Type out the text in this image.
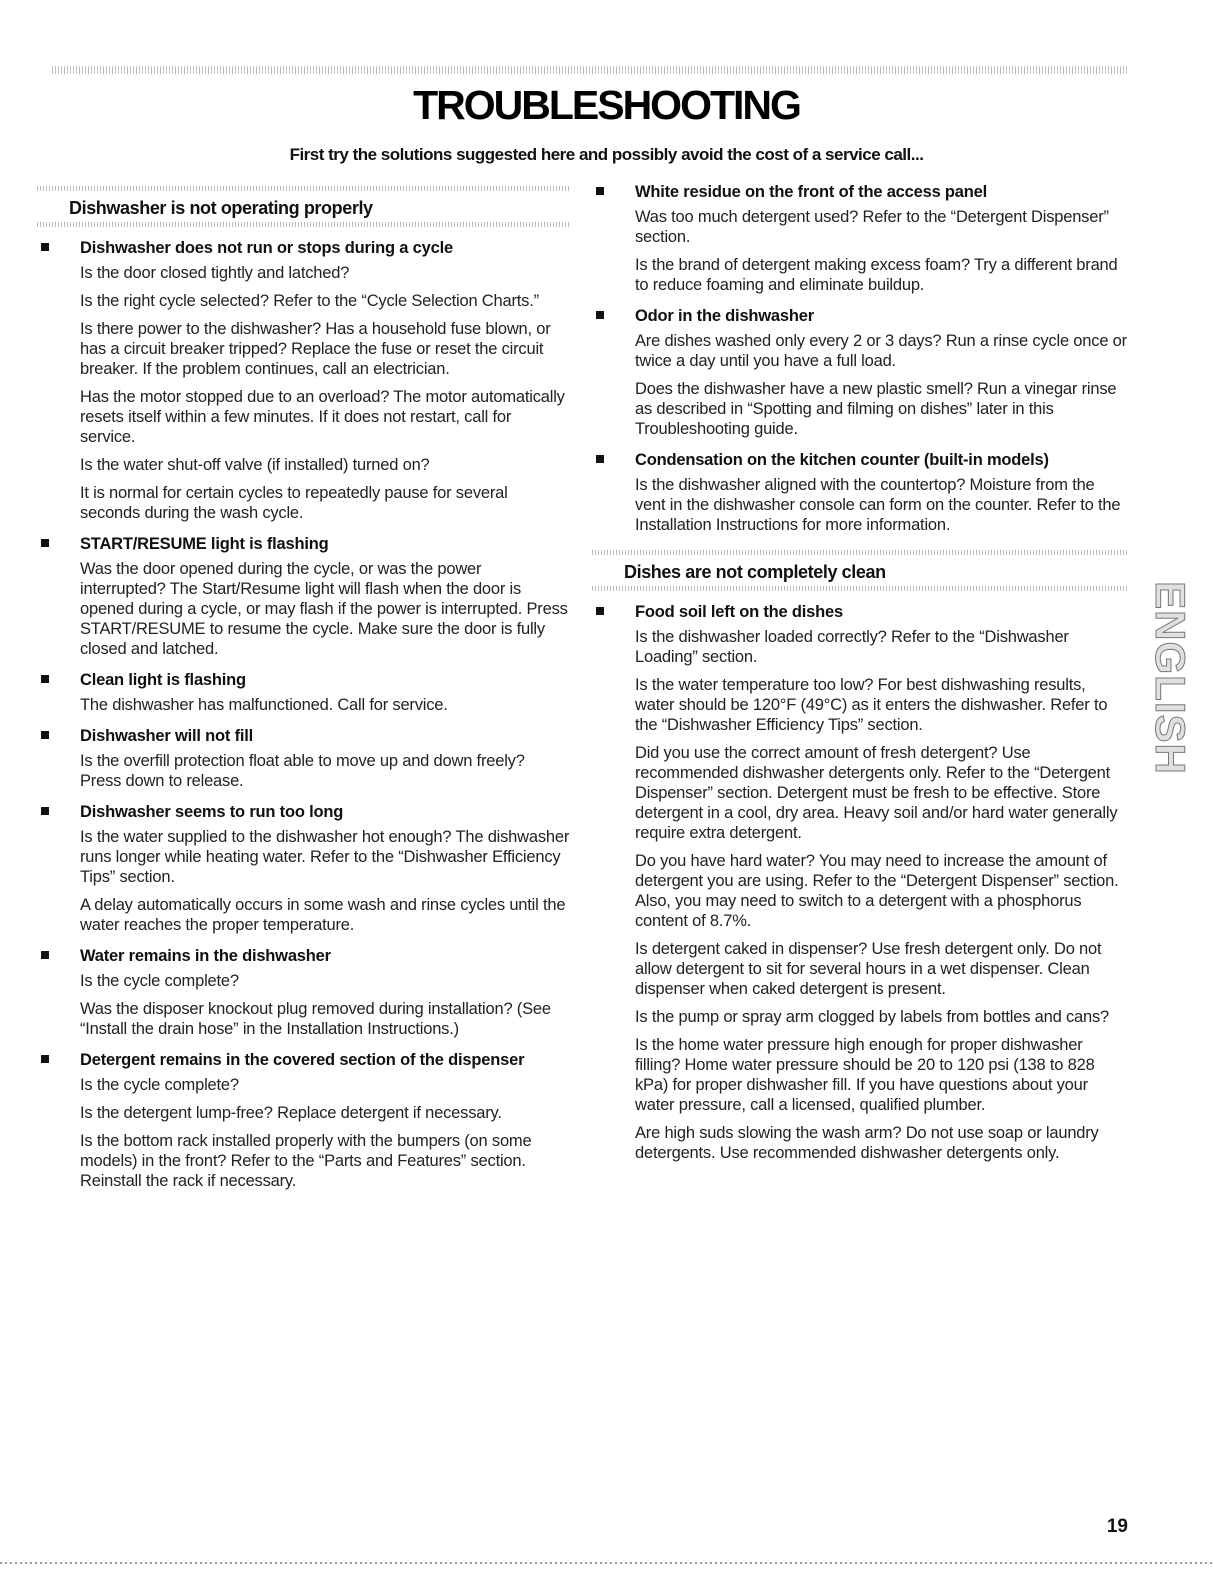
TROUBLESHOOTING
First try the solutions suggested here and possibly avoid the cost of a service call...
Dishwasher is not operating properly
Dishwasher does not run or stops during a cycle

Is the door closed tightly and latched?

Is the right cycle selected? Refer to the “Cycle Selection Charts.”

Is there power to the dishwasher? Has a household fuse blown, or has a circuit breaker tripped? Replace the fuse or reset the circuit breaker. If the problem continues, call an electrician.

Has the motor stopped due to an overload? The motor automatically resets itself within a few minutes. If it does not restart, call for service.

Is the water shut-off valve (if installed) turned on?

It is normal for certain cycles to repeatedly pause for several seconds during the wash cycle.

START/RESUME light is flashing

Was the door opened during the cycle, or was the power interrupted? The Start/Resume light will flash when the door is opened during a cycle, or may flash if the power is interrupted. Press START/RESUME to resume the cycle. Make sure the door is fully closed and latched.

Clean light is flashing

The dishwasher has malfunctioned. Call for service.

Dishwasher will not fill

Is the overfill protection float able to move up and down freely? Press down to release.

Dishwasher seems to run too long

Is the water supplied to the dishwasher hot enough? The dishwasher runs longer while heating water. Refer to the “Dishwasher Efficiency Tips” section.

A delay automatically occurs in some wash and rinse cycles until the water reaches the proper temperature.

Water remains in the dishwasher

Is the cycle complete?

Was the disposer knockout plug removed during installation? (See “Install the drain hose” in the Installation Instructions.)

Detergent remains in the covered section of the dispenser

Is the cycle complete?

Is the detergent lump-free? Replace detergent if necessary.

Is the bottom rack installed properly with the bumpers (on some models) in the front? Refer to the “Parts and Features” section. Reinstall the rack if necessary.

White residue on the front of the access panel

Was too much detergent used? Refer to the “Detergent Dispenser” section.

Is the brand of detergent making excess foam? Try a different brand to reduce foaming and eliminate buildup.

Odor in the dishwasher

Are dishes washed only every 2 or 3 days? Run a rinse cycle once or twice a day until you have a full load.

Does the dishwasher have a new plastic smell? Run a vinegar rinse as described in “Spotting and filming on dishes” later in this Troubleshooting guide.

Condensation on the kitchen counter (built-in models)

Is the dishwasher aligned with the countertop? Moisture from the vent in the dishwasher console can form on the counter. Refer to the Installation Instructions for more information.

Dishes are not completely clean
Food soil left on the dishes

Is the dishwasher loaded correctly? Refer to the “Dishwasher Loading” section.

Is the water temperature too low? For best dishwashing results, water should be 120°F (49°C) as it enters the dishwasher. Refer to the “Dishwasher Efficiency Tips” section.

Did you use the correct amount of fresh detergent? Use recommended dishwasher detergents only. Refer to the “Detergent Dispenser” section. Detergent must be fresh to be effective. Store detergent in a cool, dry area. Heavy soil and/or hard water generally require extra detergent.

Do you have hard water? You may need to increase the amount of detergent you are using. Refer to the “Detergent Dispenser” section. Also, you may need to switch to a detergent with a phosphorus content of 8.7%.

Is detergent caked in dispenser? Use fresh detergent only. Do not allow detergent to sit for several hours in a wet dispenser. Clean dispenser when caked detergent is present.

Is the pump or spray arm clogged by labels from bottles and cans?

Is the home water pressure high enough for proper dishwasher filling? Home water pressure should be 20 to 120 psi (138 to 828 kPa) for proper dishwasher fill. If you have questions about your water pressure, call a licensed, qualified plumber.

Are high suds slowing the wash arm? Do not use soap or laundry detergents. Use recommended dishwasher detergents only.

ENGLISH
19
